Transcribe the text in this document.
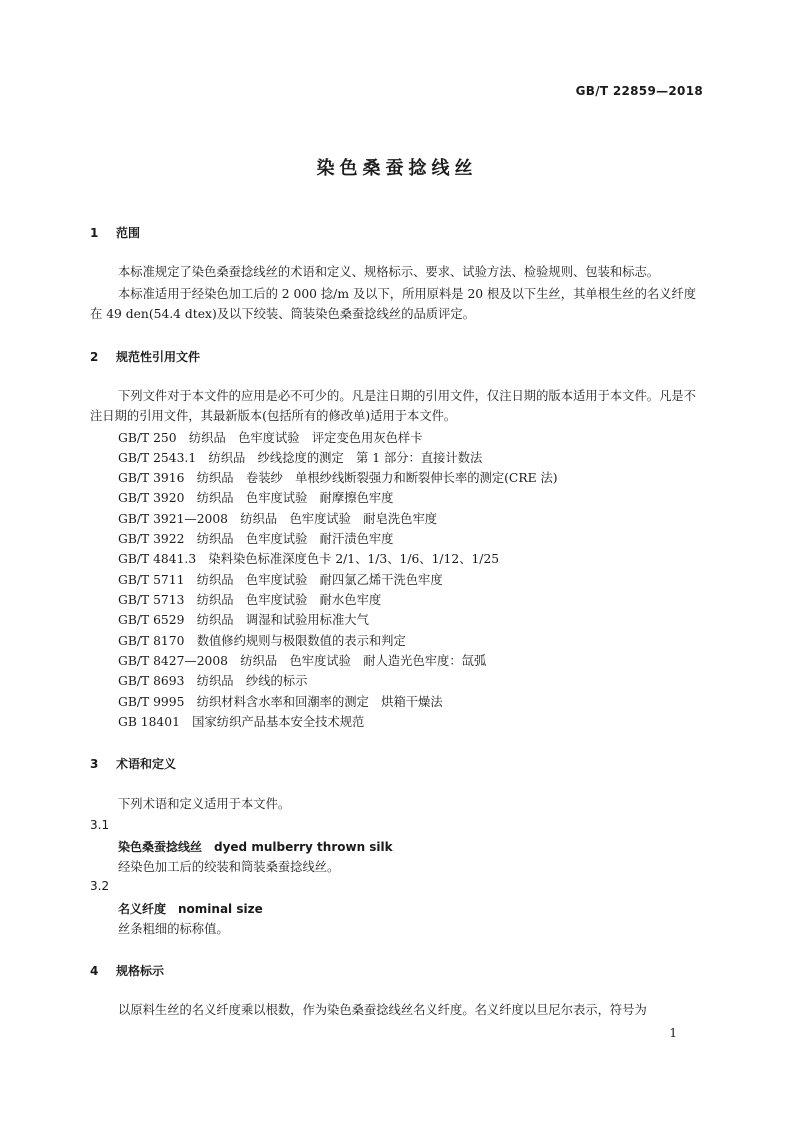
GB/T 22859—2018
染色桑蚕捻线丝
1 范围
本标准规定了染色桑蚕捻线丝的术语和定义、规格标示、要求、试验方法、检验规则、包装和标志。
本标准适用于经染色加工后的 2 000 捻/m 及以下，所用原料是 20 根及以下生丝，其单根生丝的名义纤度在 49 den(54.4 dtex)及以下绞装、筒装染色桑蚕捻线丝的品质评定。
2 规范性引用文件
下列文件对于本文件的应用是必不可少的。凡是注日期的引用文件，仅注日期的版本适用于本文件。凡是不注日期的引用文件，其最新版本(包括所有的修改单)适用于本文件。
GB/T 250　纺织品　色牢度试验　评定变色用灰色样卡
GB/T 2543.1　纺织品　纱线捻度的测定　第 1 部分：直接计数法
GB/T 3916　纺织品　卷装纱　单根纱线断裂强力和断裂伸长率的测定(CRE 法)
GB/T 3920　纺织品　色牢度试验　耐摩擦色牢度
GB/T 3921—2008　纺织品　色牢度试验　耐皂洗色牢度
GB/T 3922　纺织品　色牢度试验　耐汗渍色牢度
GB/T 4841.3　染料染色标准深度色卡 2/1、1/3、1/6、1/12、1/25
GB/T 5711　纺织品　色牢度试验　耐四氯乙烯干洗色牢度
GB/T 5713　纺织品　色牢度试验　耐水色牢度
GB/T 6529　纺织品　调湿和试验用标准大气
GB/T 8170　数值修约规则与极限数值的表示和判定
GB/T 8427—2008　纺织品　色牢度试验　耐人造光色牢度：氙弧
GB/T 8693　纺织品　纱线的标示
GB/T 9995　纺织材料含水率和回潮率的测定　烘箱干燥法
GB 18401　国家纺织产品基本安全技术规范
3 术语和定义
下列术语和定义适用于本文件。
3.1
染色桑蚕捻线丝　dyed mulberry thrown silk
经染色加工后的绞装和筒装桑蚕捻线丝。
3.2
名义纤度　nominal size
丝条粗细的标称值。
4 规格标示
以原料生丝的名义纤度乘以根数，作为染色桑蚕捻线丝名义纤度。名义纤度以旦尼尔表示，符号为
1
